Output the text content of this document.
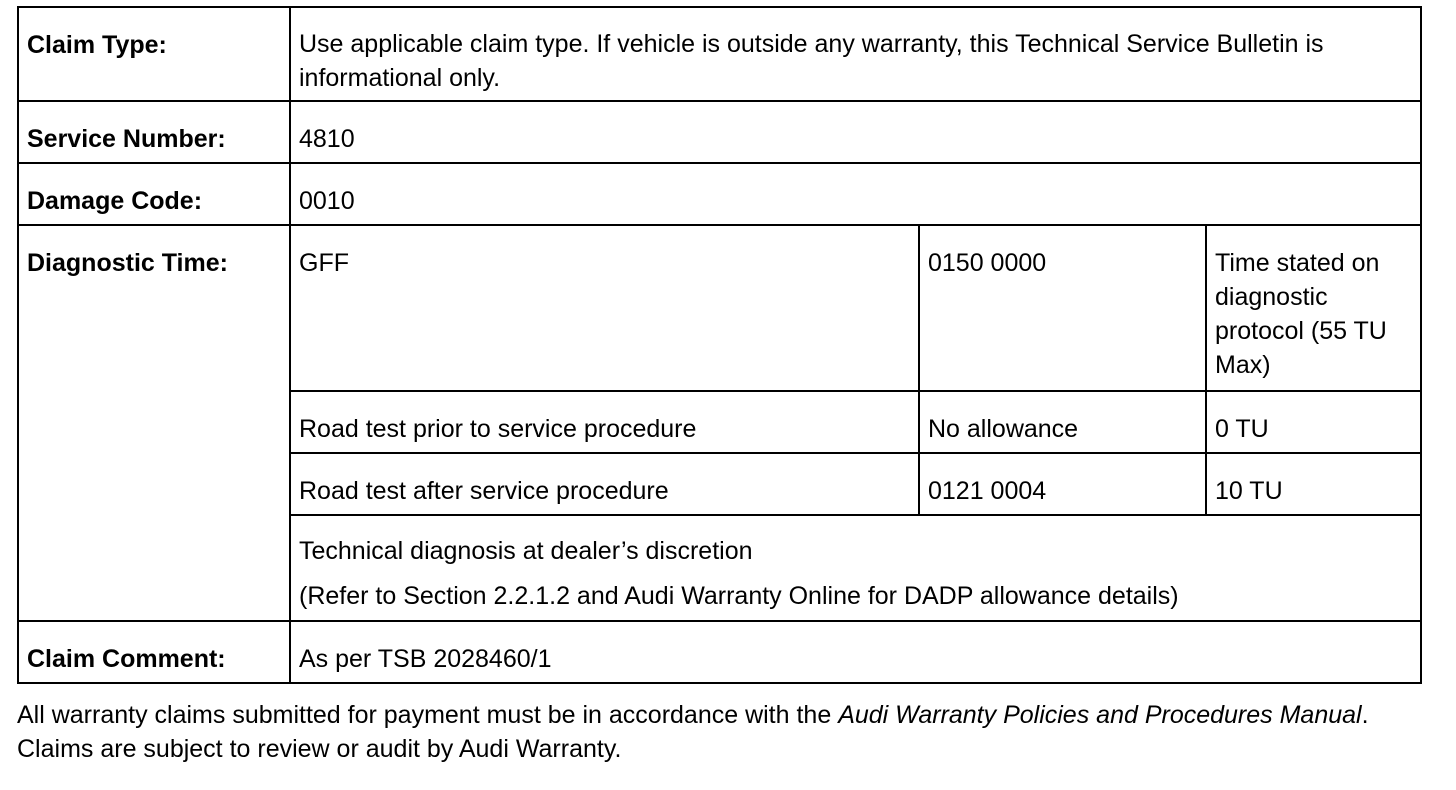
Claim Type:	Use applicable claim type. If vehicle is outside any warranty, this Technical Service Bulletin is informational only.		
Service Number:	4810		
Damage Code:	0010		
Diagnostic Time:	GFF	0150 0000	Time stated on diagnostic protocol (55 TU Max)
	Road test prior to service procedure	No allowance	0 TU
	Road test after service procedure	0121 0004	10 TU

	Technical diagnosis at dealer’s discretion
(Refer to Section 2.2.1.2 and Audi Warranty Online for DADP allowance details)		

Claim Comment:	As per TSB 2028460/1		

All warranty claims submitted for payment must be in accordance with the Audi Warranty Policies and Procedures Manual. Claims are subject to review or audit by Audi Warranty.
